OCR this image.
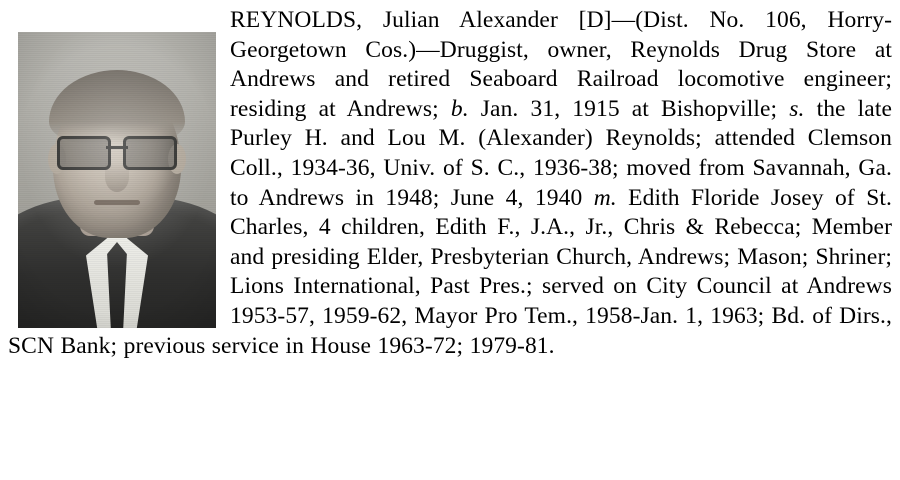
REYNOLDS, Julian Alexander [D]—(Dist. No. 106, Horry-Georgetown Cos.)—Druggist, owner, Reynolds Drug Store at Andrews and retired Seaboard Railroad locomotive engineer; residing at Andrews; b. Jan. 31, 1915 at Bishopville; s. the late Purley H. and Lou M. (Alexander) Reynolds; attended Clemson Coll., 1934-36, Univ. of S. C., 1936-38; moved from Savannah, Ga. to Andrews in 1948; June 4, 1940 m. Edith Floride Josey of St. Charles, 4 children, Edith F., J.A., Jr., Chris & Rebecca; Member and presiding Elder, Presbyterian Church, Andrews; Mason; Shriner; Lions International, Past Pres.; served on City Council at Andrews 1953-57, 1959-62, Mayor Pro Tem., 1958-Jan. 1, 1963; Bd. of Dirs., SCN Bank; previous service in House 1963-72; 1979-81.
